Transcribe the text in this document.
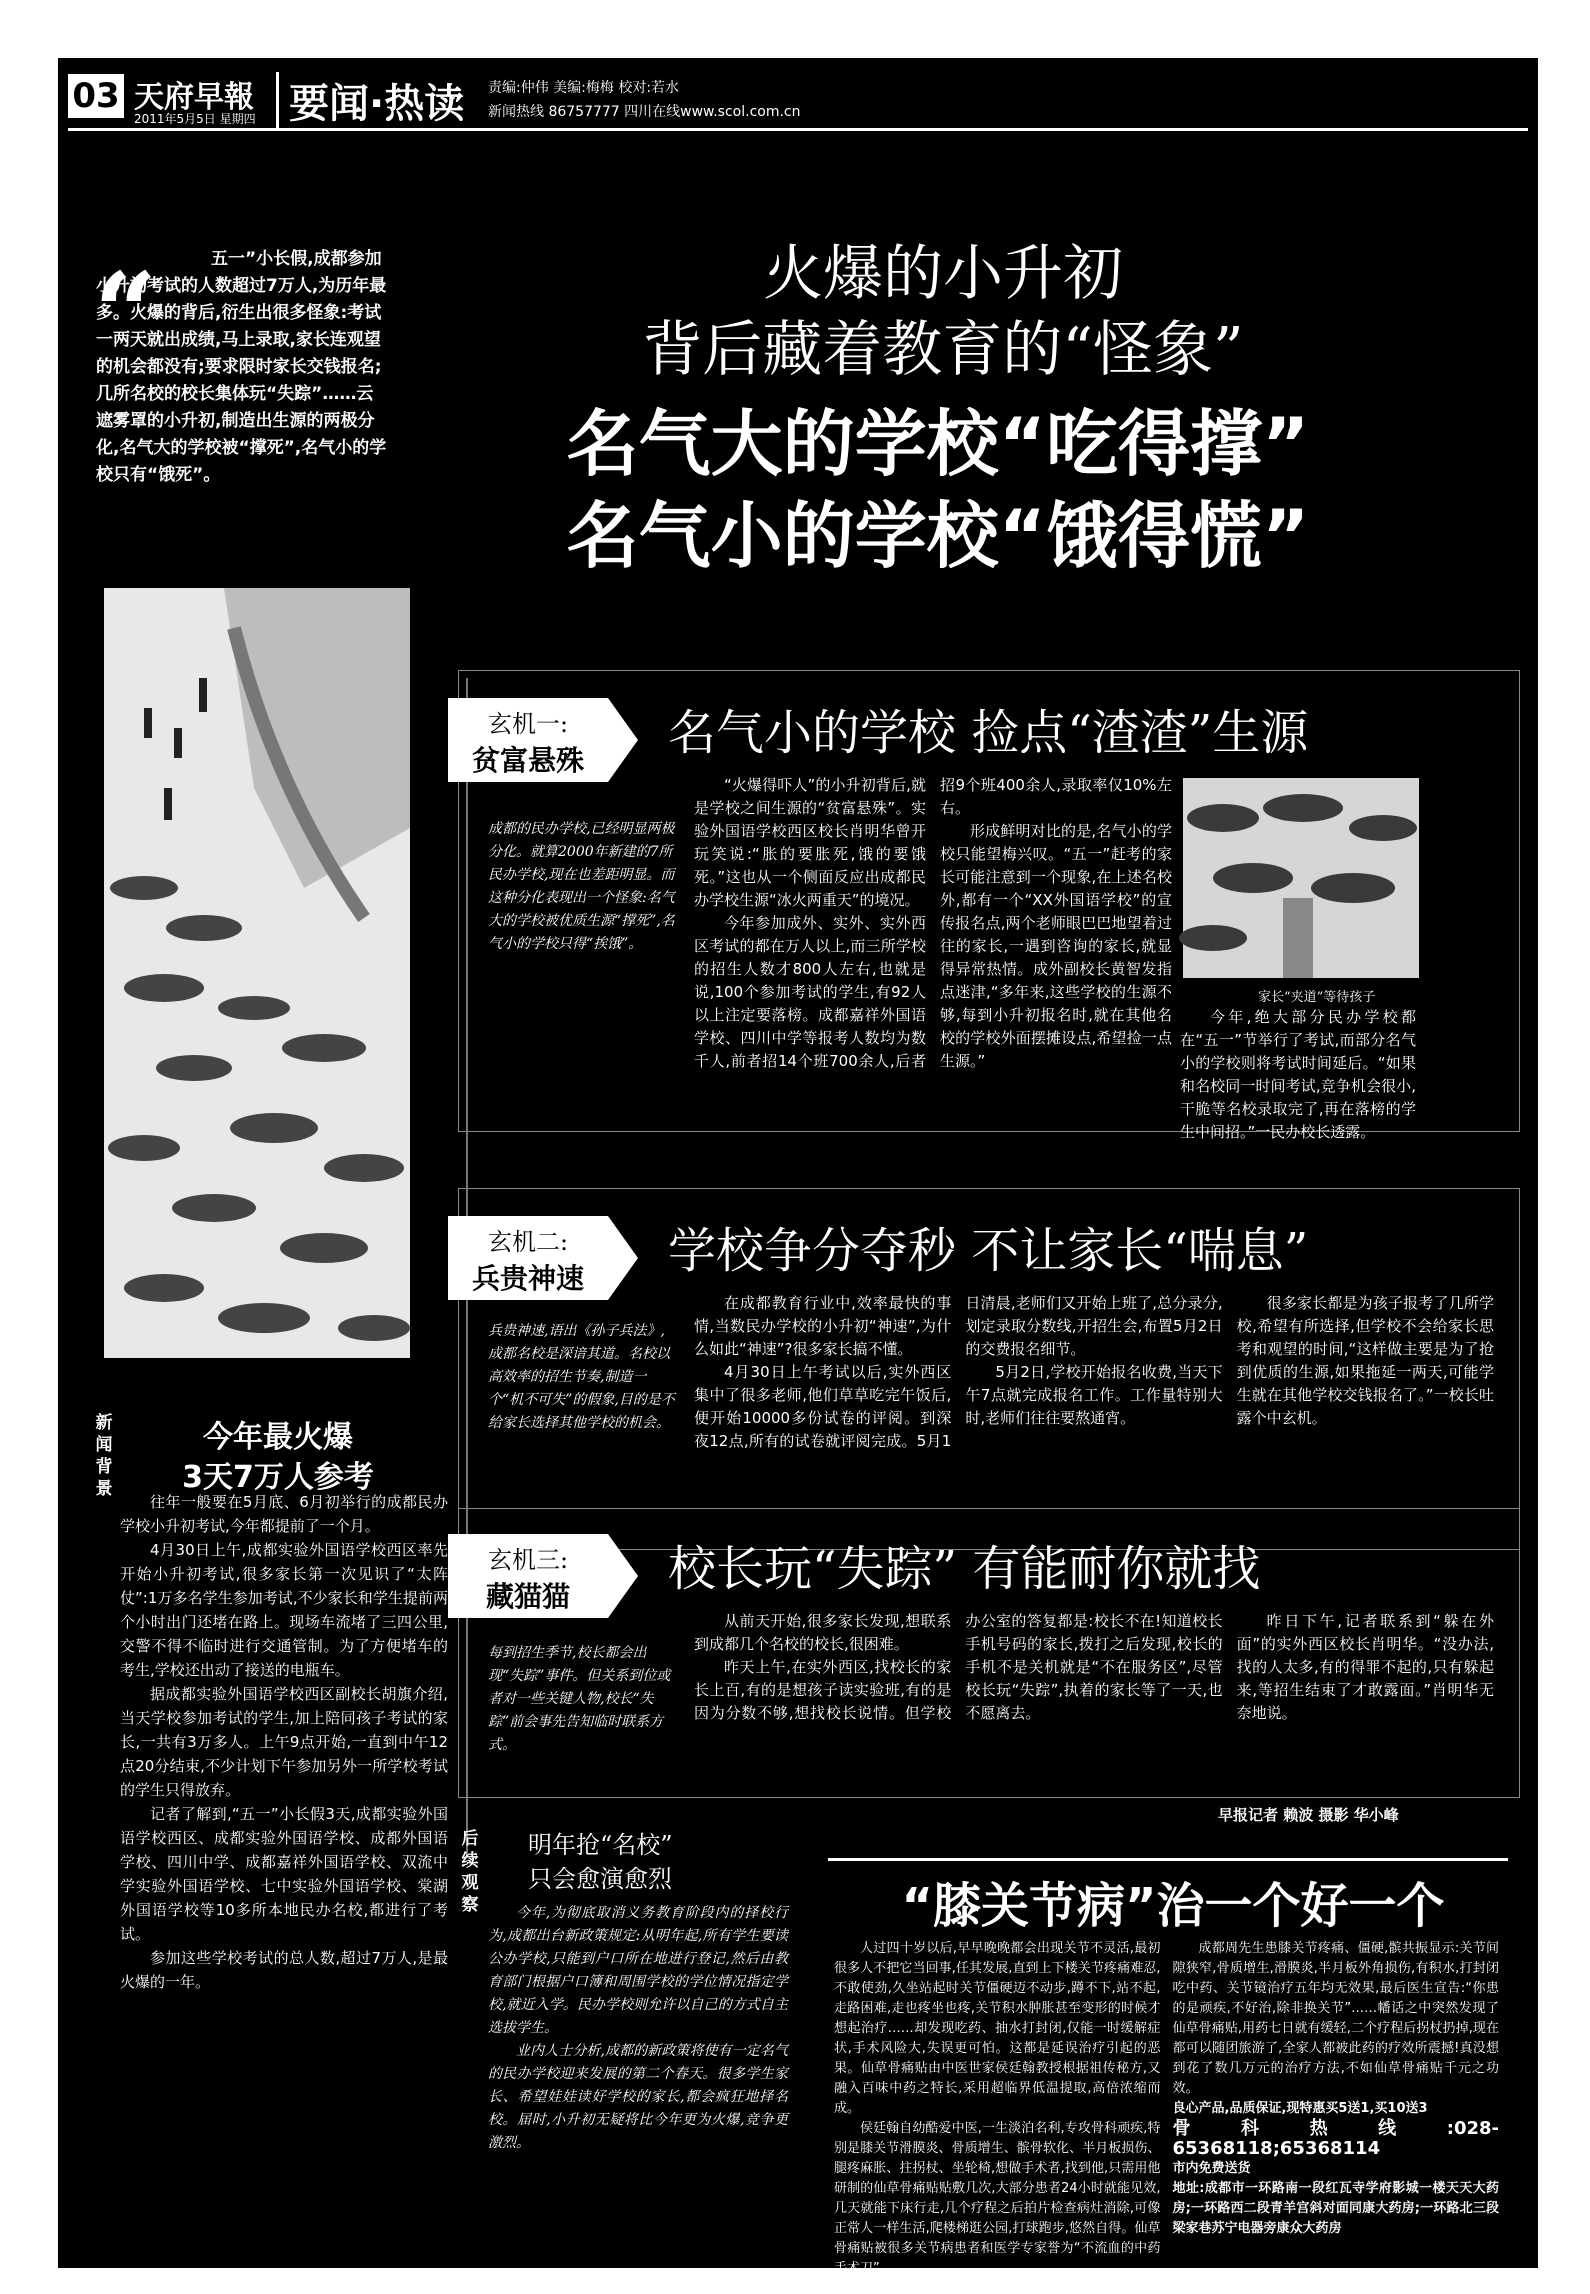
03 天府早報
2011年5月5日 星期四 要闻·热读 责编:仲伟 美编:梅梅 校对:若水
新闻热线 86757777 四川在线www.scol.com.cn
“	五一”小长假,成都参加小升初考试的人数超过7万人,为历年最多。火爆的背后,衍生出很多怪象:考试一两天就出成绩,马上录取,家长连观望的机会都没有;要求限时家长交钱报名;几所名校的校长集体玩“失踪”……云遮雾罩的小升初,制造出生源的两极分化,名气大的学校被“撑死”,名气小的学校只有“饿死”。
火爆的小升初
背后藏着教育的“怪象”
名气大的学校“吃得撑”
名气小的学校“饿得慌”
玄机一:
贫富悬殊	名气小的学校 捡点“渣渣”生源
成都的民办学校,已经明显两极分化。就算2000年新建的7所民办学校,现在也差距明显。而这种分化表现出一个怪象:名气大的学校被优质生源“撑死”,名气小的学校只得“挨饿”。

“火爆得吓人”的小升初背后,就是学校之间生源的“贫富悬殊”。实验外国语学校西区校长肖明华曾开玩笑说:“胀的要胀死,饿的要饿死。”这也从一个侧面反应出成都民办学校生源“冰火两重天”的境况。

今年参加成外、实外、实外西区考试的都在万人以上,而三所学校的招生人数才800人左右,也就是说,100个参加考试的学生,有92人以上注定要落榜。成都嘉祥外国语学校、四川中学等报考人数均为数千人,前者招14个班700余人,后者招9个班400余人,录取率仅10%左右。

形成鲜明对比的是,名气小的学校只能望梅兴叹。“五一”赶考的家长可能注意到一个现象,在上述名校外,都有一个“XX外国语学校”的宣传报名点,两个老师眼巴巴地望着过往的家长,一遇到咨询的家长,就显得异常热情。成外副校长黄智发指点迷津,“多年来,这些学校的生源不够,每到小升初报名时,就在其他名校的学校外面摆摊设点,希望捡一点生源。”

家长“夹道”等待孩子

今年,绝大部分民办学校都在“五一”节举行了考试,而部分名气小的学校则将考试时间延后。“如果和名校同一时间考试,竞争机会很小,干脆等名校录取完了,再在落榜的学生中间招。”一民办校长透露。

玄机二:
兵贵神速	学校争分夺秒 不让家长“喘息”
兵贵神速,语出《孙子兵法》,成都名校是深谙其道。名校以高效率的招生节奏,制造一个“机不可失”的假象,目的是不给家长选择其他学校的机会。

在成都教育行业中,效率最快的事情,当数民办学校的小升初“神速”,为什么如此“神速”?很多家长搞不懂。

4月30日上午考试以后,实外西区集中了很多老师,他们草草吃完午饭后,便开始10000多份试卷的评阅。到深夜12点,所有的试卷就评阅完成。5月1日清晨,老师们又开始上班了,总分录分,划定录取分数线,开招生会,布置5月2日的交费报名细节。

5月2日,学校开始报名收费,当天下午7点就完成报名工作。工作量特别大时,老师们往往要熬通宵。

很多家长都是为孩子报考了几所学校,希望有所选择,但学校不会给家长思考和观望的时间,“这样做主要是为了抢到优质的生源,如果拖延一两天,可能学生就在其他学校交钱报名了。”一校长吐露个中玄机。

玄机三:
藏猫猫	校长玩“失踪” 有能耐你就找
每到招生季节,校长都会出现“失踪”事件。但关系到位或者对一些关键人物,校长“失踪”前会事先告知临时联系方式。

从前天开始,很多家长发现,想联系到成都几个名校的校长,很困难。

昨天上午,在实外西区,找校长的家长上百,有的是想孩子读实验班,有的是因为分数不够,想找校长说情。但学校办公室的答复都是:校长不在!知道校长手机号码的家长,拨打之后发现,校长的手机不是关机就是“不在服务区”,尽管校长玩“失踪”,执着的家长等了一天,也不愿离去。

昨日下午,记者联系到“躲在外面”的实外西区校长肖明华。“没办法,找的人太多,有的得罪不起的,只有躲起来,等招生结束了才敢露面。”肖明华无奈地说。

早报记者 赖波 摄影 华小峰
新闻背景
今年最火爆
3天7万人参考

往年一般要在5月底、6月初举行的成都民办学校小升初考试,今年都提前了一个月。

4月30日上午,成都实验外国语学校西区率先开始小升初考试,很多家长第一次见识了“太阵仗”:1万多名学生参加考试,不少家长和学生提前两个小时出门还堵在路上。现场车流堵了三四公里,交警不得不临时进行交通管制。为了方便堵车的考生,学校还出动了接送的电瓶车。

据成都实验外国语学校西区副校长胡旗介绍,当天学校参加考试的学生,加上陪同孩子考试的家长,一共有3万多人。上午9点开始,一直到中午12点20分结束,不少计划下午参加另外一所学校考试的学生只得放弃。

记者了解到,“五一”小长假3天,成都实验外国语学校西区、成都实验外国语学校、成都外国语学校、四川中学、成都嘉祥外国语学校、双流中学实验外国语学校、七中实验外国语学校、棠湖外国语学校等10多所本地民办名校,都进行了考试。

参加这些学校考试的总人数,超过7万人,是最火爆的一年。

后续观察
明年抢“名校”
只会愈演愈烈

今年,为彻底取消义务教育阶段内的择校行为,成都出台新政策规定:从明年起,所有学生要读公办学校,只能到户口所在地进行登记,然后由教育部门根据户口簿和周围学校的学位情况指定学校,就近入学。民办学校则允许以自己的方式自主选拔学生。

业内人士分析,成都的新政策将使有一定名气的民办学校迎来发展的第二个春天。很多学生家长、希望娃娃读好学校的家长,都会疯狂地择名校。届时,小升初无疑将比今年更为火爆,竞争更激烈。

“膝关节病”治一个好一个

人过四十岁以后,早早晚晚都会出现关节不灵活,最初很多人不把它当回事,任其发展,直到上下楼关节疼痛难忍,不敢使劲,久坐站起时关节僵硬迈不动步,蹲不下,站不起,走路困难,走也疼坐也疼,关节积水肿胀甚至变形的时候才想起治疗……却发现吃药、抽水打封闭,仅能一时缓解症状,手术风险大,失误更可怕。这都是延误治疗引起的恶果。仙草骨痛贴由中医世家侯廷翰教授根据祖传秘方,又融入百味中药之特长,采用超临界低温提取,高倍浓缩而成。

侯廷翰自幼酷爱中医,一生淡泊名利,专攻骨科顽疾,特别是膝关节滑膜炎、骨质增生、髌骨软化、半月板损伤、腿疼麻胀、拄拐杖、坐轮椅,想做手术者,找到他,只需用他研制的仙草骨痛贴贴敷几次,大部分患者24小时就能见效,几天就能下床行走,几个疗程之后拍片检查病灶消除,可像正常人一样生活,爬楼梯逛公园,打球跑步,悠然自得。仙草骨痛贴被很多关节病患者和医学专家誉为“不流血的中药手术刀”。

成都周先生患膝关节疼痛、僵硬,髌共振显示:关节间隙狭窄,骨质增生,滑膜炎,半月板外角损伤,有积水,打封闭吃中药、关节镜治疗五年均无效果,最后医生宣告:“你患的是顽疾,不好治,除非换关节”……幡话之中突然发现了仙草骨痛贴,用药七日就有缓轻,二个疗程后拐杖扔掉,现在都可以随团旅游了,全家人都被此药的疗效所震撼!真没想到花了数几万元的治疗方法,不如仙草骨痛贴千元之功效。

良心产品,品质保证,现特惠买5送1,买10送3

骨科热线:028-65368118;65368114

市内免费送货

地址:成都市一环路南一段红瓦寺学府影城一楼天天大药房;一环路西二段青羊宫斜对面同康大药房;一环路北三段梁家巷苏宁电器旁康众大药房
